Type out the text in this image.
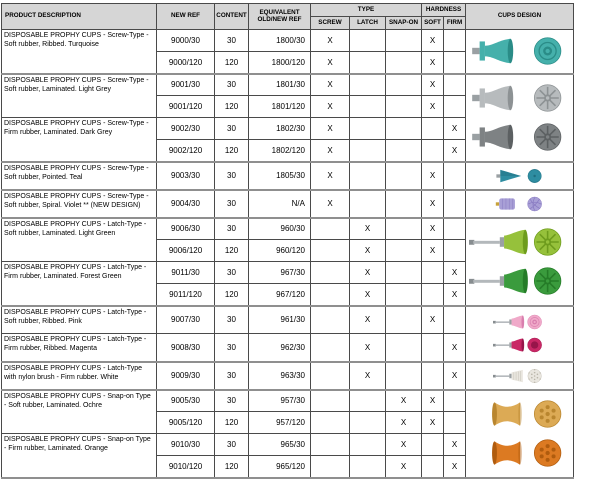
PRODUCT DESCRIPTION	NEW REF	CONTENT	EQUIVALENT OLD/NEW REF	TYPE			HARDNESS		CUPS DESIGN
				SCREW	LATCH	SNAP-ON	SOFT	FIRM	

DISPOSABLE PROPHY CUPS - Screw-Type - Soft rubber, Ribbed. Turquoise	9000/30	30	1800/30	X			X		

	9000/120	120	1800/120	X			X		

DISPOSABLE PROPHY CUPS - Screw-Type - Soft rubber, Laminated. Light Grey	9001/30	30	1801/30	X			X		

	9001/120	120	1801/120	X			X		

DISPOSABLE PROPHY CUPS - Screw-Type - Firm rubber, Laminated. Dark Grey	9002/30	30	1802/30	X				X	
	9002/120	120	1802/120	X				X	

DISPOSABLE PROPHY CUPS - Screw-Type - Soft rubber, Pointed. Teal	9003/30	30	1805/30	X			X		

DISPOSABLE PROPHY CUPS - Screw-Type - Soft rubber, Spiral. Violet ** (NEW DESIGN)	9004/30	30	N/A	X			X		

DISPOSABLE PROPHY CUPS - Latch-Type - Soft rubber, Laminated. Light Green	9006/30	30	960/30		X		X		

	9006/120	120	960/120		X		X		

DISPOSABLE PROPHY CUPS - Latch-Type - Firm rubber, Laminated. Forest Green	9011/30	30	967/30		X			X	
	9011/120	120	967/120		X			X	

DISPOSABLE PROPHY CUPS - Latch-Type - Soft rubber, Ribbed. Pink	9007/30	30	961/30		X		X		

DISPOSABLE PROPHY CUPS - Latch-Type - Firm rubber, Ribbed. Magenta	9008/30	30	962/30		X			X	

DISPOSABLE PROPHY CUPS - Latch-Type with nylon brush - Firm rubber. White	9009/30	30	963/30		X			X	

DISPOSABLE PROPHY CUPS - Snap-on Type - Soft rubber, Laminated. Ochre	9005/30	30	957/30			X	X		

	9005/120	120	957/120			X	X		

DISPOSABLE PROPHY CUPS - Snap-on Type - Firm rubber, Laminated. Orange	9010/30	30	965/30			X		X	
	9010/120	120	965/120			X		X	
